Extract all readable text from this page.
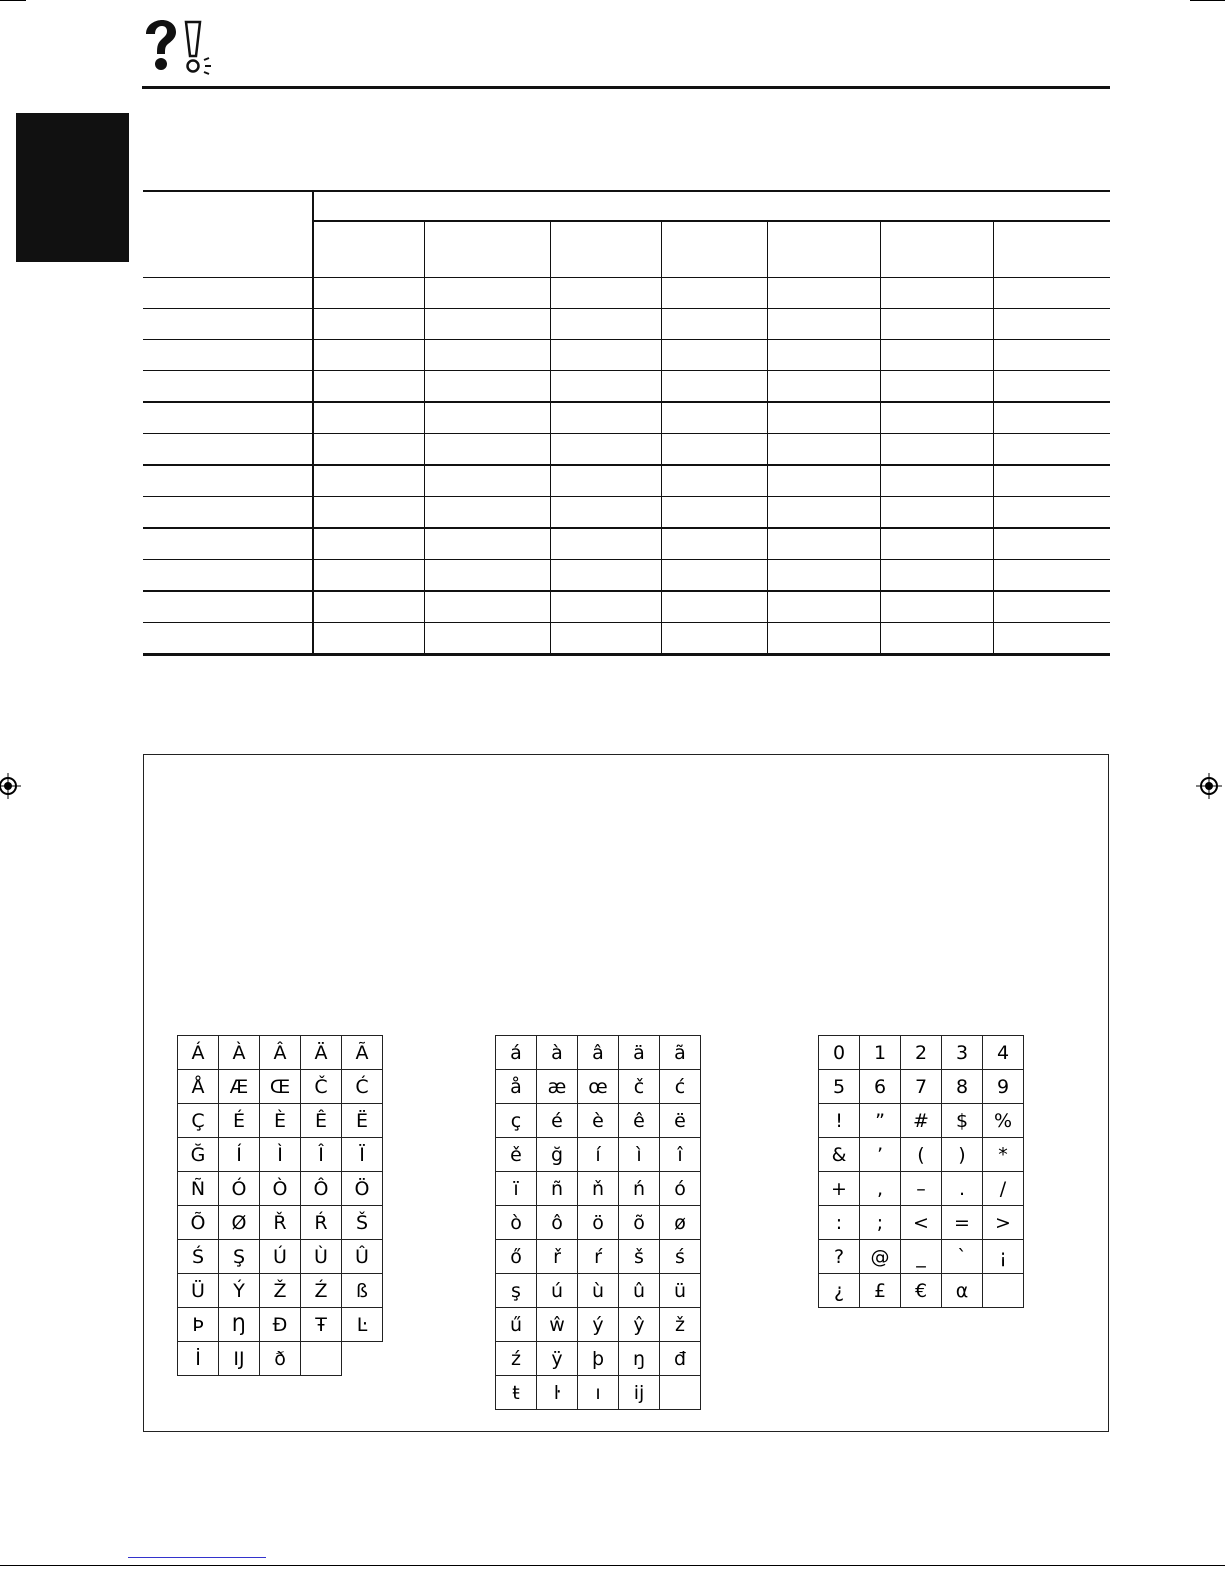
Á	À	Â	Ä	Ã
Å	Æ	Œ	Č	Ć
Ç	É	È	Ê	Ë
Ğ	Í	Ì	Î	Ï
Ñ	Ó	Ò	Ô	Ö
Õ	Ø	Ř	Ŕ	Š
Ś	Ş	Ú	Ù	Û
Ü	Ý	Ž	Ź	ß
Þ	Ŋ	Đ	Ŧ	Ŀ
İ	Ĳ	ð		
á	à	â	ä	ã
å	æ	œ	č	ć
ç	é	è	ê	ë
ě	ğ	í	ì	î
ï	ñ	ň	ń	ó
ò	ô	ö	õ	ø
ő	ř	ŕ	š	ś
ş	ú	ù	û	ü
ű	ŵ	ý	ŷ	ž
ź	ÿ	þ	ŋ	đ
ŧ	ŀ	ı	ĳ	
0	1	2	3	4
5	6	7	8	9
!	”	#	$	%
&	’	(	)	*
+	,	–	.	/
:	;	<	=	>
?	@	_	`	¡
¿	£	€	α	
